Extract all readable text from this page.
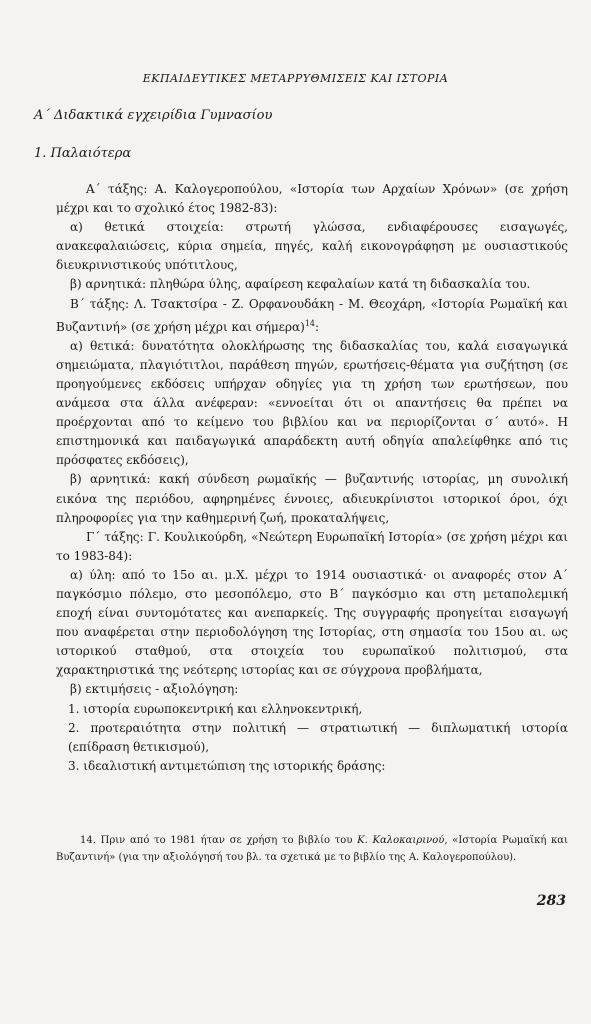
ΕΚΠΑΙΔΕΥΤΙΚΕΣ ΜΕΤΑΡΡΥΘΜΙΣΕΙΣ ΚΑΙ ΙΣΤΟΡΙΑ
Α΄ Διδακτικά εγχειρίδια Γυμνασίου
1. Παλαιότερα

Α΄ τάξης: Α. Καλογεροπούλου, «Ιστορία των Αρχαίων Χρόνων» (σε χρήση μέχρι και το σχολικό έτος 1982-83):

α) θετικά στοιχεία: στρωτή γλώσσα, ενδιαφέρουσες εισαγωγές, ανακεφαλαιώσεις, κύρια σημεία, πηγές, καλή εικονογράφηση με ουσιαστικούς διευκρινιστικούς υπότιτλους,

β) αρνητικά: πληθώρα ύλης, αφαίρεση κεφαλαίων κατά τη διδασκαλία του.

Β΄ τάξης: Λ. Τσακτσίρα - Ζ. Ορφανουδάκη - Μ. Θεοχάρη, «Ιστορία Ρωμαϊκή και Βυζαντινή» (σε χρήση μέχρι και σήμερα)$^{14}$:

α) θετικά: δυνατότητα ολοκλήρωσης της διδασκαλίας του, καλά εισαγωγικά σημειώματα, πλαγιότιτλοι, παράθεση πηγών, ερωτήσεις-θέματα για συζήτηση (σε προηγούμενες εκδόσεις υπήρχαν οδηγίες για τη χρήση των ερωτήσεων, που ανάμεσα στα άλλα ανέφεραν: «εννοείται ότι οι απαντήσεις θα πρέπει να προέρχονται από το κείμενο του βιβλίου και να περιορίζονται σ΄ αυτό». Η επιστημονικά και παιδαγωγικά απαράδεκτη αυτή οδηγία απαλείφθηκε από τις πρόσφατες εκδόσεις),

β) αρνητικά: κακή σύνδεση ρωμαϊκής — βυζαντινής ιστορίας, μη συνολική εικόνα της περιόδου, αφηρημένες έννοιες, αδιευκρίνιστοι ιστορικοί όροι, όχι πληροφορίες για την καθημερινή ζωή, προκαταλήψεις,

Γ΄ τάξης: Γ. Κουλικούρδη, «Νεώτερη Ευρωπαϊκή Ιστορία» (σε χρήση μέχρι και το 1983-84):

α) ύλη: από το 15ο αι. μ.Χ. μέχρι το 1914 ουσιαστικά· οι αναφορές στον Α΄ παγκόσμιο πόλεμο, στο μεσοπόλεμο, στο Β΄ παγκόσμιο και στη μεταπολεμική εποχή είναι συντομότατες και ανεπαρκείς. Της συγγραφής προηγείται εισαγωγή που αναφέρεται στην περιοδολόγηση της Ιστορίας, στη σημασία του 15ου αι. ως ιστορικού σταθμού, στα στοιχεία του ευρωπαϊκού πολιτισμού, στα χαρακτηριστικά της νεότερης ιστορίας και σε σύγχρονα προβλήματα,

β) εκτιμήσεις - αξιολόγηση:

1. ιστορία ευρωποκεντρική και ελληνοκεντρική,

2. προτεραιότητα στην πολιτική — στρατιωτική — διπλωματική ιστορία (επίδραση θετικισμού),

3. ιδεαλιστική αντιμετώπιση της ιστορικής δράσης:

14. Πριν από το 1981 ήταν σε χρήση το βιβλίο του Κ. Καλοκαιρινού, «Ιστορία Ρωμαϊκή και Βυζαντινή» (για την αξιολόγησή του βλ. τα σχετικά με το βιβλίο της Α. Καλογεροπούλου).

283
